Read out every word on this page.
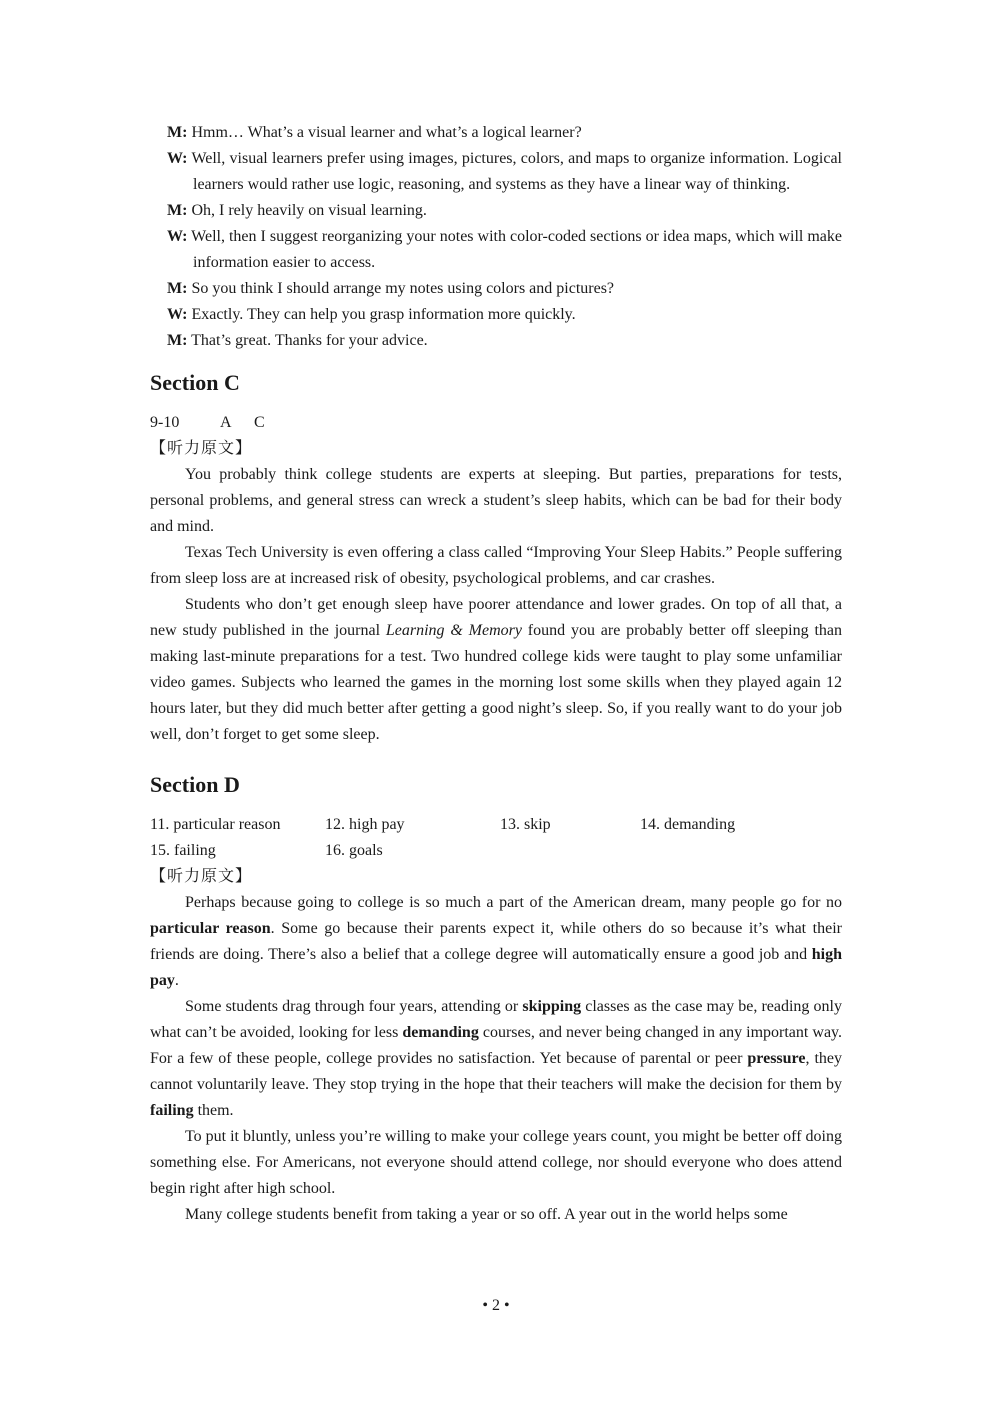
M: Hmm… What’s a visual learner and what’s a logical learner?
W: Well, visual learners prefer using images, pictures, colors, and maps to organize information. Logical learners would rather use logic, reasoning, and systems as they have a linear way of thinking.
M: Oh, I rely heavily on visual learning.
W: Well, then I suggest reorganizing your notes with color-coded sections or idea maps, which will make information easier to access.
M: So you think I should arrange my notes using colors and pictures?
W: Exactly. They can help you grasp information more quickly.
M: That’s great. Thanks for your advice.
Section C
9-10	A C
【听力原文】

You probably think college students are experts at sleeping. But parties, preparations for tests, personal problems, and general stress can wreck a student’s sleep habits, which can be bad for their body and mind.

Texas Tech University is even offering a class called “Improving Your Sleep Habits.” People suffering from sleep loss are at increased risk of obesity, psychological problems, and car crashes.

Students who don’t get enough sleep have poorer attendance and lower grades. On top of all that, a new study published in the journal Learning & Memory found you are probably better off sleeping than making last-minute preparations for a test. Two hundred college kids were taught to play some unfamiliar video games. Subjects who learned the games in the morning lost some skills when they played again 12 hours later, but they did much better after getting a good night’s sleep. So, if you really want to do your job well, don’t forget to get some sleep.

Section D
11. particular reason	12. high pay	13. skip	14. demanding
15. failing	16. goals
【听力原文】

Perhaps because going to college is so much a part of the American dream, many people go for no particular reason. Some go because their parents expect it, while others do so because it’s what their friends are doing. There’s also a belief that a college degree will automatically ensure a good job and high pay.

Some students drag through four years, attending or skipping classes as the case may be, reading only what can’t be avoided, looking for less demanding courses, and never being changed in any important way. For a few of these people, college provides no satisfaction. Yet because of parental or peer pressure, they cannot voluntarily leave. They stop trying in the hope that their teachers will make the decision for them by failing them.

To put it bluntly, unless you’re willing to make your college years count, you might be better off doing something else. For Americans, not everyone should attend college, nor should everyone who does attend begin right after high school.

Many college students benefit from taking a year or so off. A year out in the world helps some

• 2 •
